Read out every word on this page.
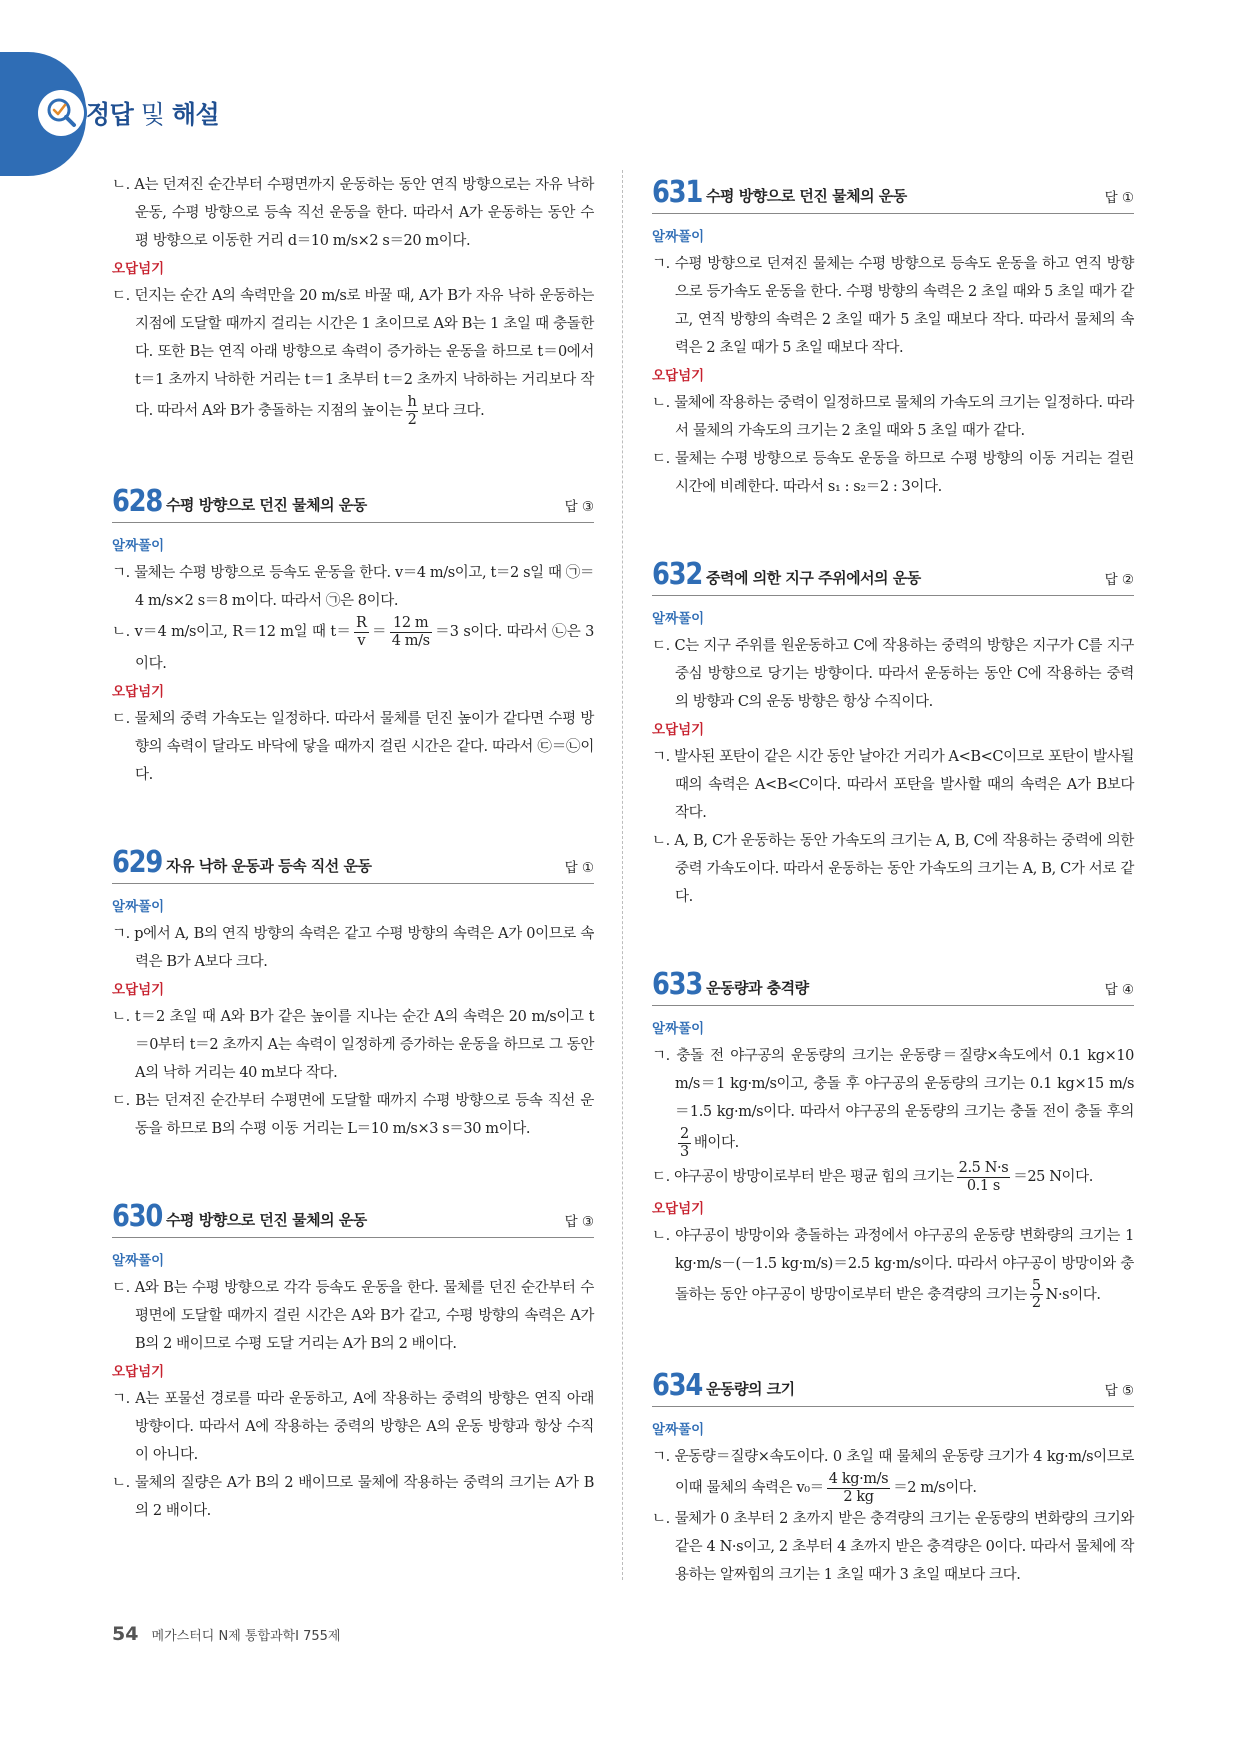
정답 및 해설

ㄴ. A는 던져진 순간부터 수평면까지 운동하는 동안 연직 방향으로는 자유 낙하 운동, 수평 방향으로 등속 직선 운동을 한다. 따라서 A가 운동하는 동안 수평 방향으로 이동한 거리 d＝10 m/s×2 s＝20 m이다.

오답넘기

ㄷ. 던지는 순간 A의 속력만을 20 m/s로 바꿀 때, A가 B가 자유 낙하 운동하는 지점에 도달할 때까지 걸리는 시간은 1 초이므로 A와 B는 1 초일 때 충돌한다. 또한 B는 연직 아래 방향으로 속력이 증가하는 운동을 하므로 t＝0에서 t＝1 초까지 낙하한 거리는 t＝1 초부터 t＝2 초까지 낙하하는 거리보다 작다. 따라서 A와 B가 충돌하는 지점의 높이는 $\frac{h}{2}$ 보다 크다.

628 수평 방향으로 던진 물체의 운동	답 ③

알짜풀이

ㄱ. 물체는 수평 방향으로 등속도 운동을 한다. v＝4 m/s이고, t＝2 s일 때 ㉠＝4 m/s×2 s＝8 m이다. 따라서 ㉠은 8이다.

ㄴ. v＝4 m/s이고, R＝12 m일 때 $t= \frac{R}{v} = \frac{12 m}{4 m/s} =3$ s이다. 따라서 ㉡은 3이다.

오답넘기

ㄷ. 물체의 중력 가속도는 일정하다. 따라서 물체를 던진 높이가 같다면 수평 방향의 속력이 달라도 바닥에 닿을 때까지 걸린 시간은 같다. 따라서 ㉢＝㉡이다.

629 자유 낙하 운동과 등속 직선 운동	답 ①

알짜풀이

ㄱ. p에서 A, B의 연직 방향의 속력은 같고 수평 방향의 속력은 A가 0이므로 속력은 B가 A보다 크다.

오답넘기

ㄴ. t＝2 초일 때 A와 B가 같은 높이를 지나는 순간 A의 속력은 20 m/s이고 t＝0부터 t＝2 초까지 A는 속력이 일정하게 증가하는 운동을 하므로 그 동안 A의 낙하 거리는 40 m보다 작다.

ㄷ. B는 던져진 순간부터 수평면에 도달할 때까지 수평 방향으로 등속 직선 운동을 하므로 B의 수평 이동 거리는 L＝10 m/s×3 s＝30 m이다.

630 수평 방향으로 던진 물체의 운동	답 ③

알짜풀이

ㄷ. A와 B는 수평 방향으로 각각 등속도 운동을 한다. 물체를 던진 순간부터 수평면에 도달할 때까지 걸린 시간은 A와 B가 같고, 수평 방향의 속력은 A가 B의 2 배이므로 수평 도달 거리는 A가 B의 2 배이다.

오답넘기

ㄱ. A는 포물선 경로를 따라 운동하고, A에 작용하는 중력의 방향은 연직 아래 방향이다. 따라서 A에 작용하는 중력의 방향은 A의 운동 방향과 항상 수직이 아니다.

ㄴ. 물체의 질량은 A가 B의 2 배이므로 물체에 작용하는 중력의 크기는 A가 B의 2 배이다.

631 수평 방향으로 던진 물체의 운동	답 ①

알짜풀이

ㄱ. 수평 방향으로 던져진 물체는 수평 방향으로 등속도 운동을 하고 연직 방향으로 등가속도 운동을 한다. 수평 방향의 속력은 2 초일 때와 5 초일 때가 같고, 연직 방향의 속력은 2 초일 때가 5 초일 때보다 작다. 따라서 물체의 속력은 2 초일 때가 5 초일 때보다 작다.

오답넘기

ㄴ. 물체에 작용하는 중력이 일정하므로 물체의 가속도의 크기는 일정하다. 따라서 물체의 가속도의 크기는 2 초일 때와 5 초일 때가 같다.

ㄷ. 물체는 수평 방향으로 등속도 운동을 하므로 수평 방향의 이동 거리는 걸린 시간에 비례한다. 따라서 s₁ : s₂＝2 : 3이다.

632 중력에 의한 지구 주위에서의 운동	답 ②

알짜풀이

ㄷ. C는 지구 주위를 원운동하고 C에 작용하는 중력의 방향은 지구가 C를 지구 중심 방향으로 당기는 방향이다. 따라서 운동하는 동안 C에 작용하는 중력의 방향과 C의 운동 방향은 항상 수직이다.

오답넘기

ㄱ. 발사된 포탄이 같은 시간 동안 날아간 거리가 A<B<C이므로 포탄이 발사될 때의 속력은 A<B<C이다. 따라서 포탄을 발사할 때의 속력은 A가 B보다 작다.

ㄴ. A, B, C가 운동하는 동안 가속도의 크기는 A, B, C에 작용하는 중력에 의한 중력 가속도이다. 따라서 운동하는 동안 가속도의 크기는 A, B, C가 서로 같다.

633 운동량과 충격량	답 ④

알짜풀이

ㄱ. 충돌 전 야구공의 운동량의 크기는 운동량＝질량×속도에서 0.1 kg×10 m/s＝1 kg·m/s이고, 충돌 후 야구공의 운동량의 크기는 0.1 kg×15 m/s＝1.5 kg·m/s이다. 따라서 야구공의 운동량의 크기는 충돌 전이 충돌 후의
$\frac{2}{3}$ 배이다.

ㄷ. 야구공이 방망이로부터 받은 평균 힘의 크기는 $\frac{2.5 N\cdot s}{0.1 s} =25$ N이다.

오답넘기

ㄴ. 야구공이 방망이와 충돌하는 과정에서 야구공의 운동량 변화량의 크기는 1 kg·m/s－(－1.5 kg·m/s)＝2.5 kg·m/s이다. 따라서 야구공이 방망이와 충돌하는 동안 야구공이 방망이로부터 받은 충격량의 크기는 $\frac{5}{2} N\cdot s$이다.

634 운동량의 크기	답 ⑤

알짜풀이

ㄱ. 운동량＝질량×속도이다. 0 초일 때 물체의 운동량 크기가 4 kg·m/s이므로 이때 물체의 속력은 $v_0= \frac{4 kg\cdot m/s}{2 kg} =2$ m/s이다.

ㄴ. 물체가 0 초부터 2 초까지 받은 충격량의 크기는 운동량의 변화량의 크기와 같은 4 N·s이고, 2 초부터 4 초까지 받은 충격량은 0이다. 따라서 물체에 작용하는 알짜힘의 크기는 1 초일 때가 3 초일 때보다 크다.

54 메가스터디 N제 통합과학Ⅰ 755제
